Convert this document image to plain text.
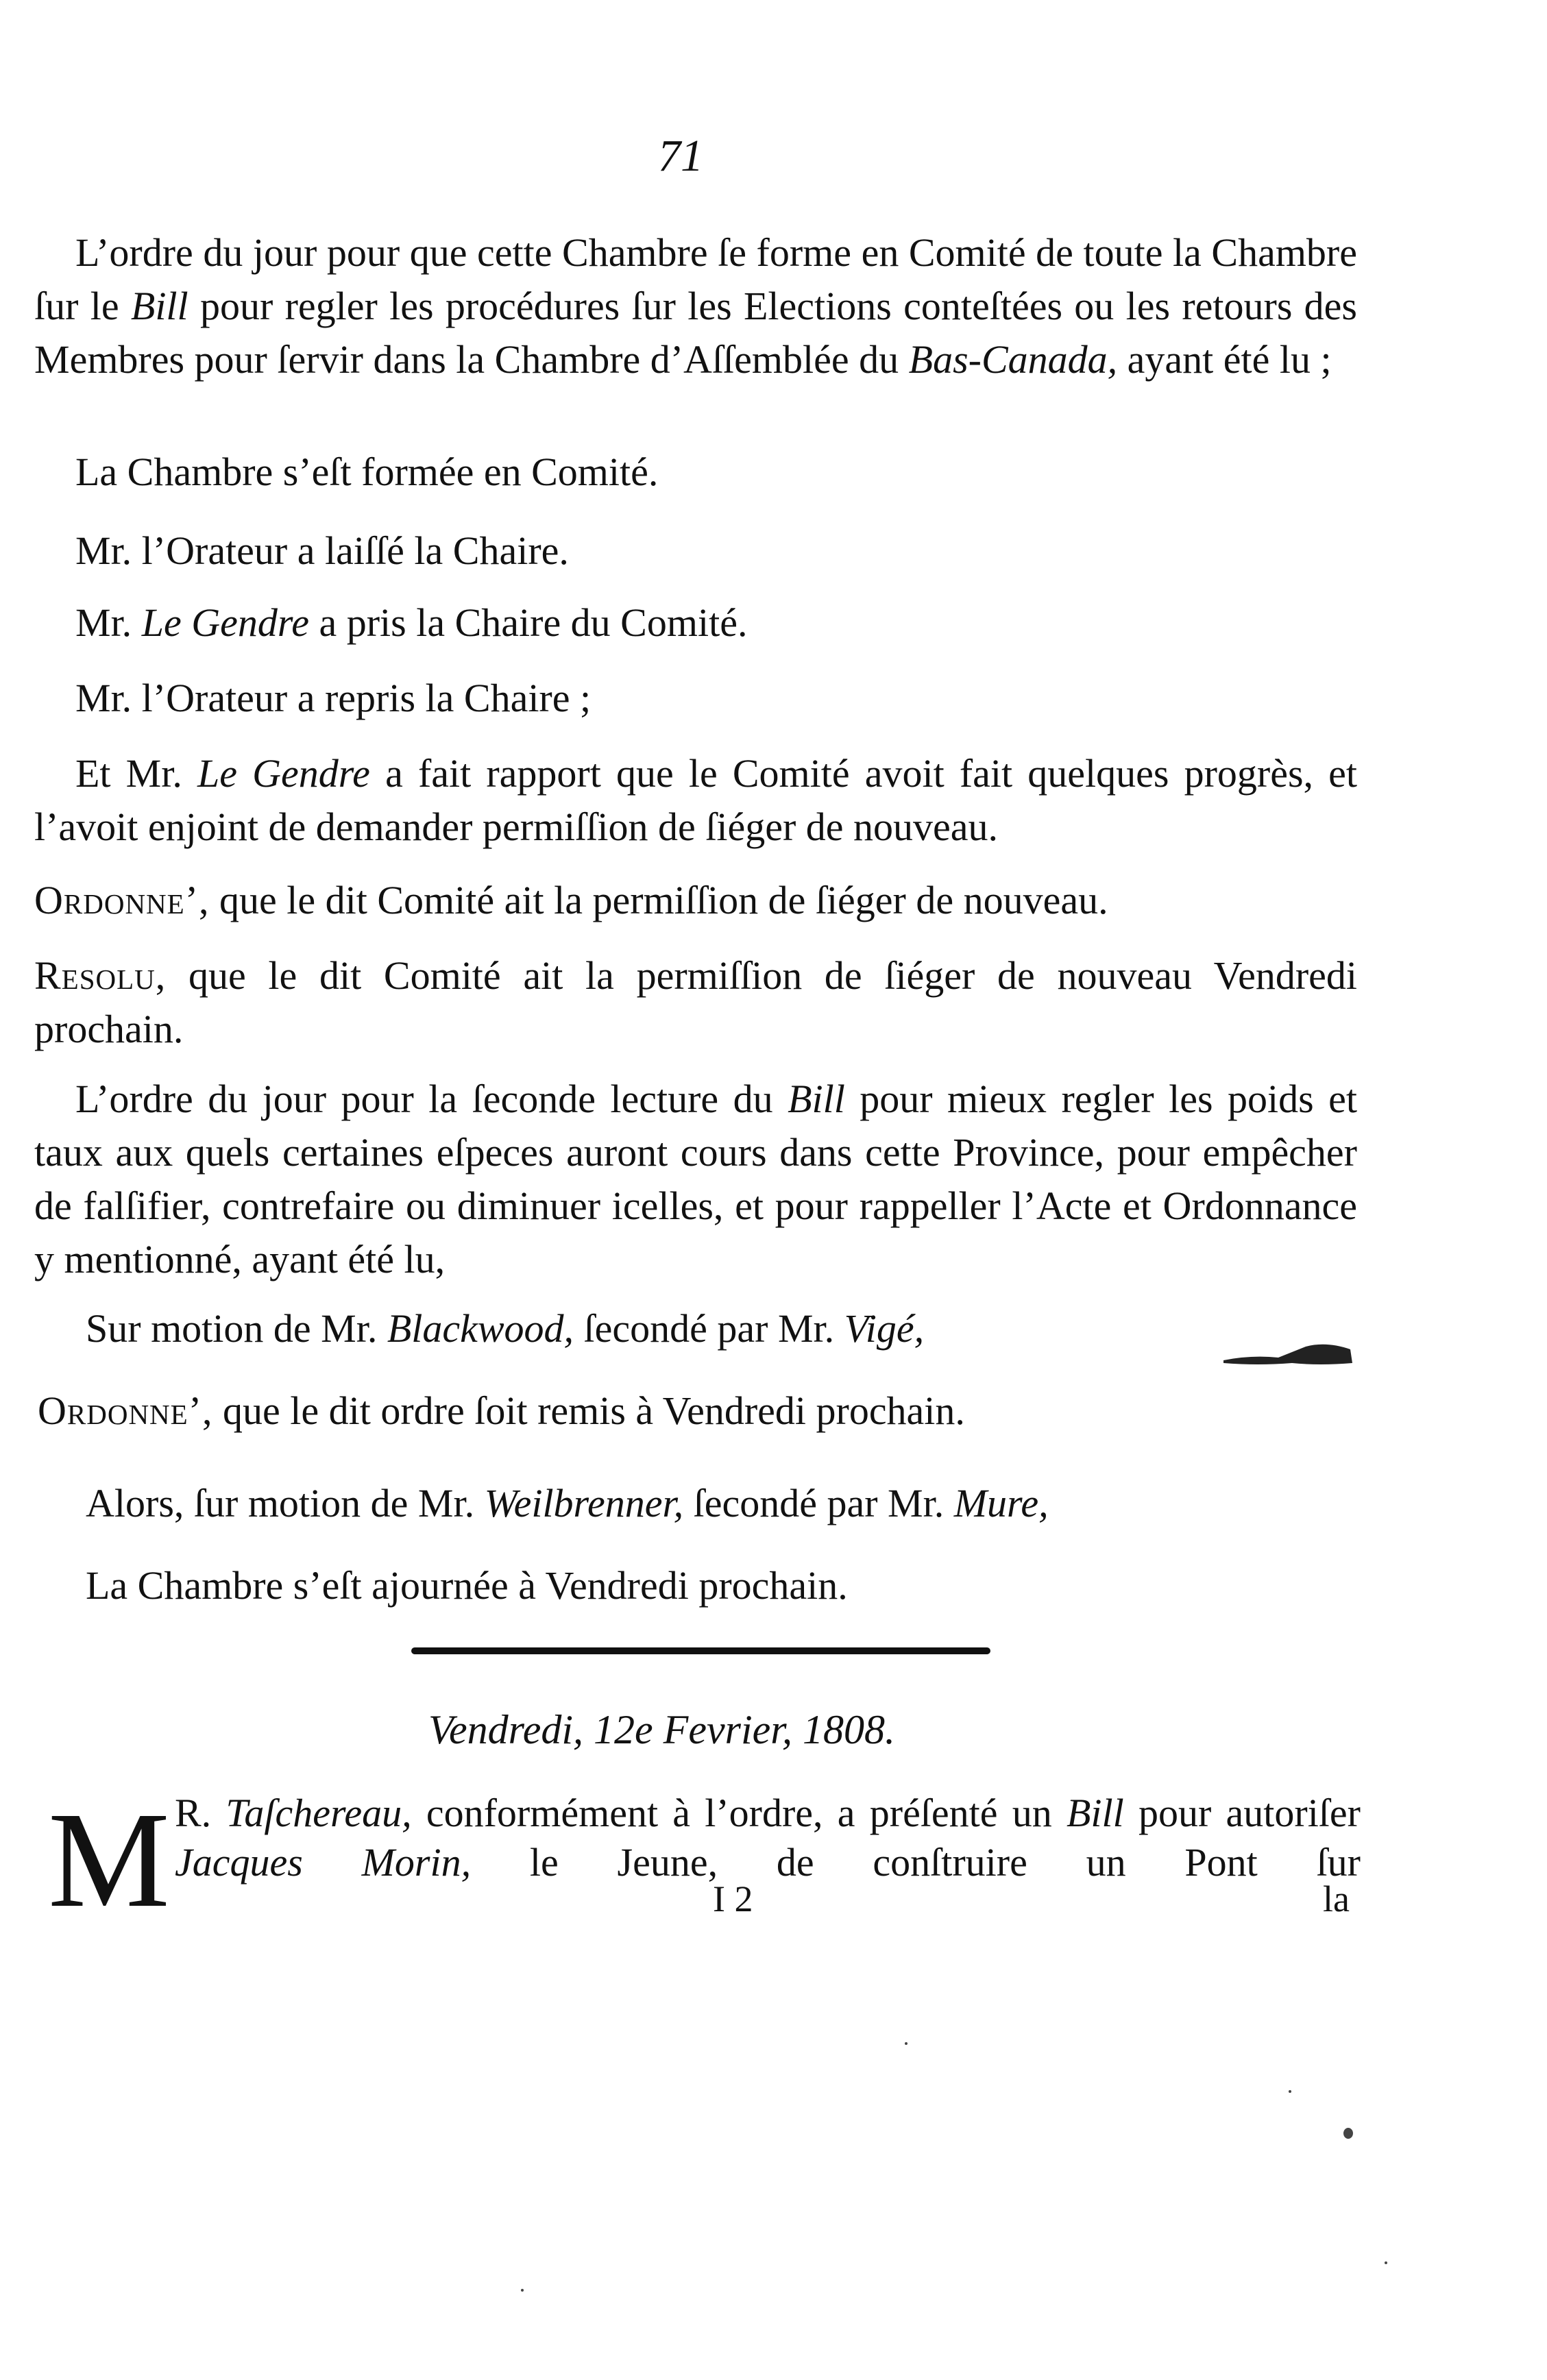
71
L’ordre du jour pour que cette Chambre ſe forme en Comité de toute la Chambre ſur le Bill pour regler les procédures ſur les Elections conteſtées ou les retours des Membres pour ſervir dans la Chambre d’Aſſemblée du Bas-Canada, ayant été lu ;
La Chambre s’eſt formée en Comité.
Mr. l’Orateur a laiſſé la Chaire.
Mr. Le Gendre a pris la Chaire du Comité.
Mr. l’Orateur a repris la Chaire ;
Et Mr. Le Gendre a fait rapport que le Comité avoit fait quelques progrès, et l’avoit enjoint de demander permiſſion de ſiéger de nouveau.
Ordonne’, que le dit Comité ait la permiſſion de ſiéger de nouveau.
Resolu, que le dit Comité ait la permiſſion de ſiéger de nouveau Vendredi prochain.
L’ordre du jour pour la ſeconde lecture du Bill pour mieux regler les poids et taux aux quels certaines eſpeces auront cours dans cette Province, pour empêcher de falſifier, contrefaire ou diminuer icelles, et pour rappeller l’Acte et Ordonnance y mentionné, ayant été lu,
Sur motion de Mr. Blackwood, ſecondé par Mr. Vigé,
Ordonne’, que le dit ordre ſoit remis à Vendredi prochain.
Alors, ſur motion de Mr. Weilbrenner, ſecondé par Mr. Mure,
La Chambre s’eſt ajournée à Vendredi prochain.
Vendredi, 12e Fevrier, 1808.
M R. Taſchereau, conformément à l’ordre, a préſenté un Bill pour autoriſer Jacques Morin, le Jeune, de conſtruire un Pont ſur
I 2	la
